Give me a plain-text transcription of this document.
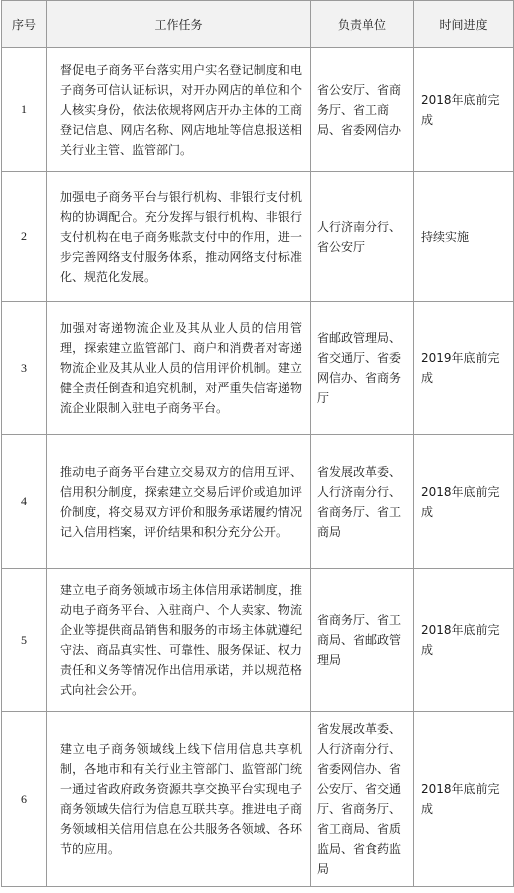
序号	工作任务	负责单位	时间进度
1	督促电子商务平台落实用户实名登记制度和电子商务可信认证标识，对开办网店的单位和个人核实身份，依法依规将网店开办主体的工商登记信息、网店名称、网店地址等信息报送相关行业主管、监管部门。	省公安厅、省商务厅、省工商局、省委网信办	2018年底前完成
2	加强电子商务平台与银行机构、非银行支付机构的协调配合。充分发挥与银行机构、非银行支付机构在电子商务账款支付中的作用，进一步完善网络支付服务体系，推动网络支付标准化、规范化发展。	人行济南分行、省公安厅	持续实施
3	加强对寄递物流企业及其从业人员的信用管理，探索建立监管部门、商户和消费者对寄递物流企业及其从业人员的信用评价机制。建立健全责任倒查和追究机制，对严重失信寄递物流企业限制入驻电子商务平台。	省邮政管理局、省交通厅、省委网信办、省商务厅	2019年底前完成
4	推动电子商务平台建立交易双方的信用互评、信用积分制度，探索建立交易后评价或追加评价制度，将交易双方评价和服务承诺履约情况记入信用档案，评价结果和积分充分公开。	省发展改革委、人行济南分行、省商务厅、省工商局	2018年底前完成
5	建立电子商务领域市场主体信用承诺制度，推动电子商务平台、入驻商户、个人卖家、物流企业等提供商品销售和服务的市场主体就遵纪守法、商品真实性、可靠性、服务保证、权力责任和义务等情况作出信用承诺，并以规范格式向社会公开。	省商务厅、省工商局、省邮政管理局	2018年底前完成
6	建立电子商务领域线上线下信用信息共享机制，各地市和有关行业主管部门、监管部门统一通过省政府政务资源共享交换平台实现电子商务领域失信行为信息互联共享。推进电子商务领域相关信用信息在公共服务各领域、各环节的应用。	省发展改革委、人行济南分行、省委网信办、省公安厅、省交通厅、省商务厅、省工商局、省质监局、省食药监局	2018年底前完成
